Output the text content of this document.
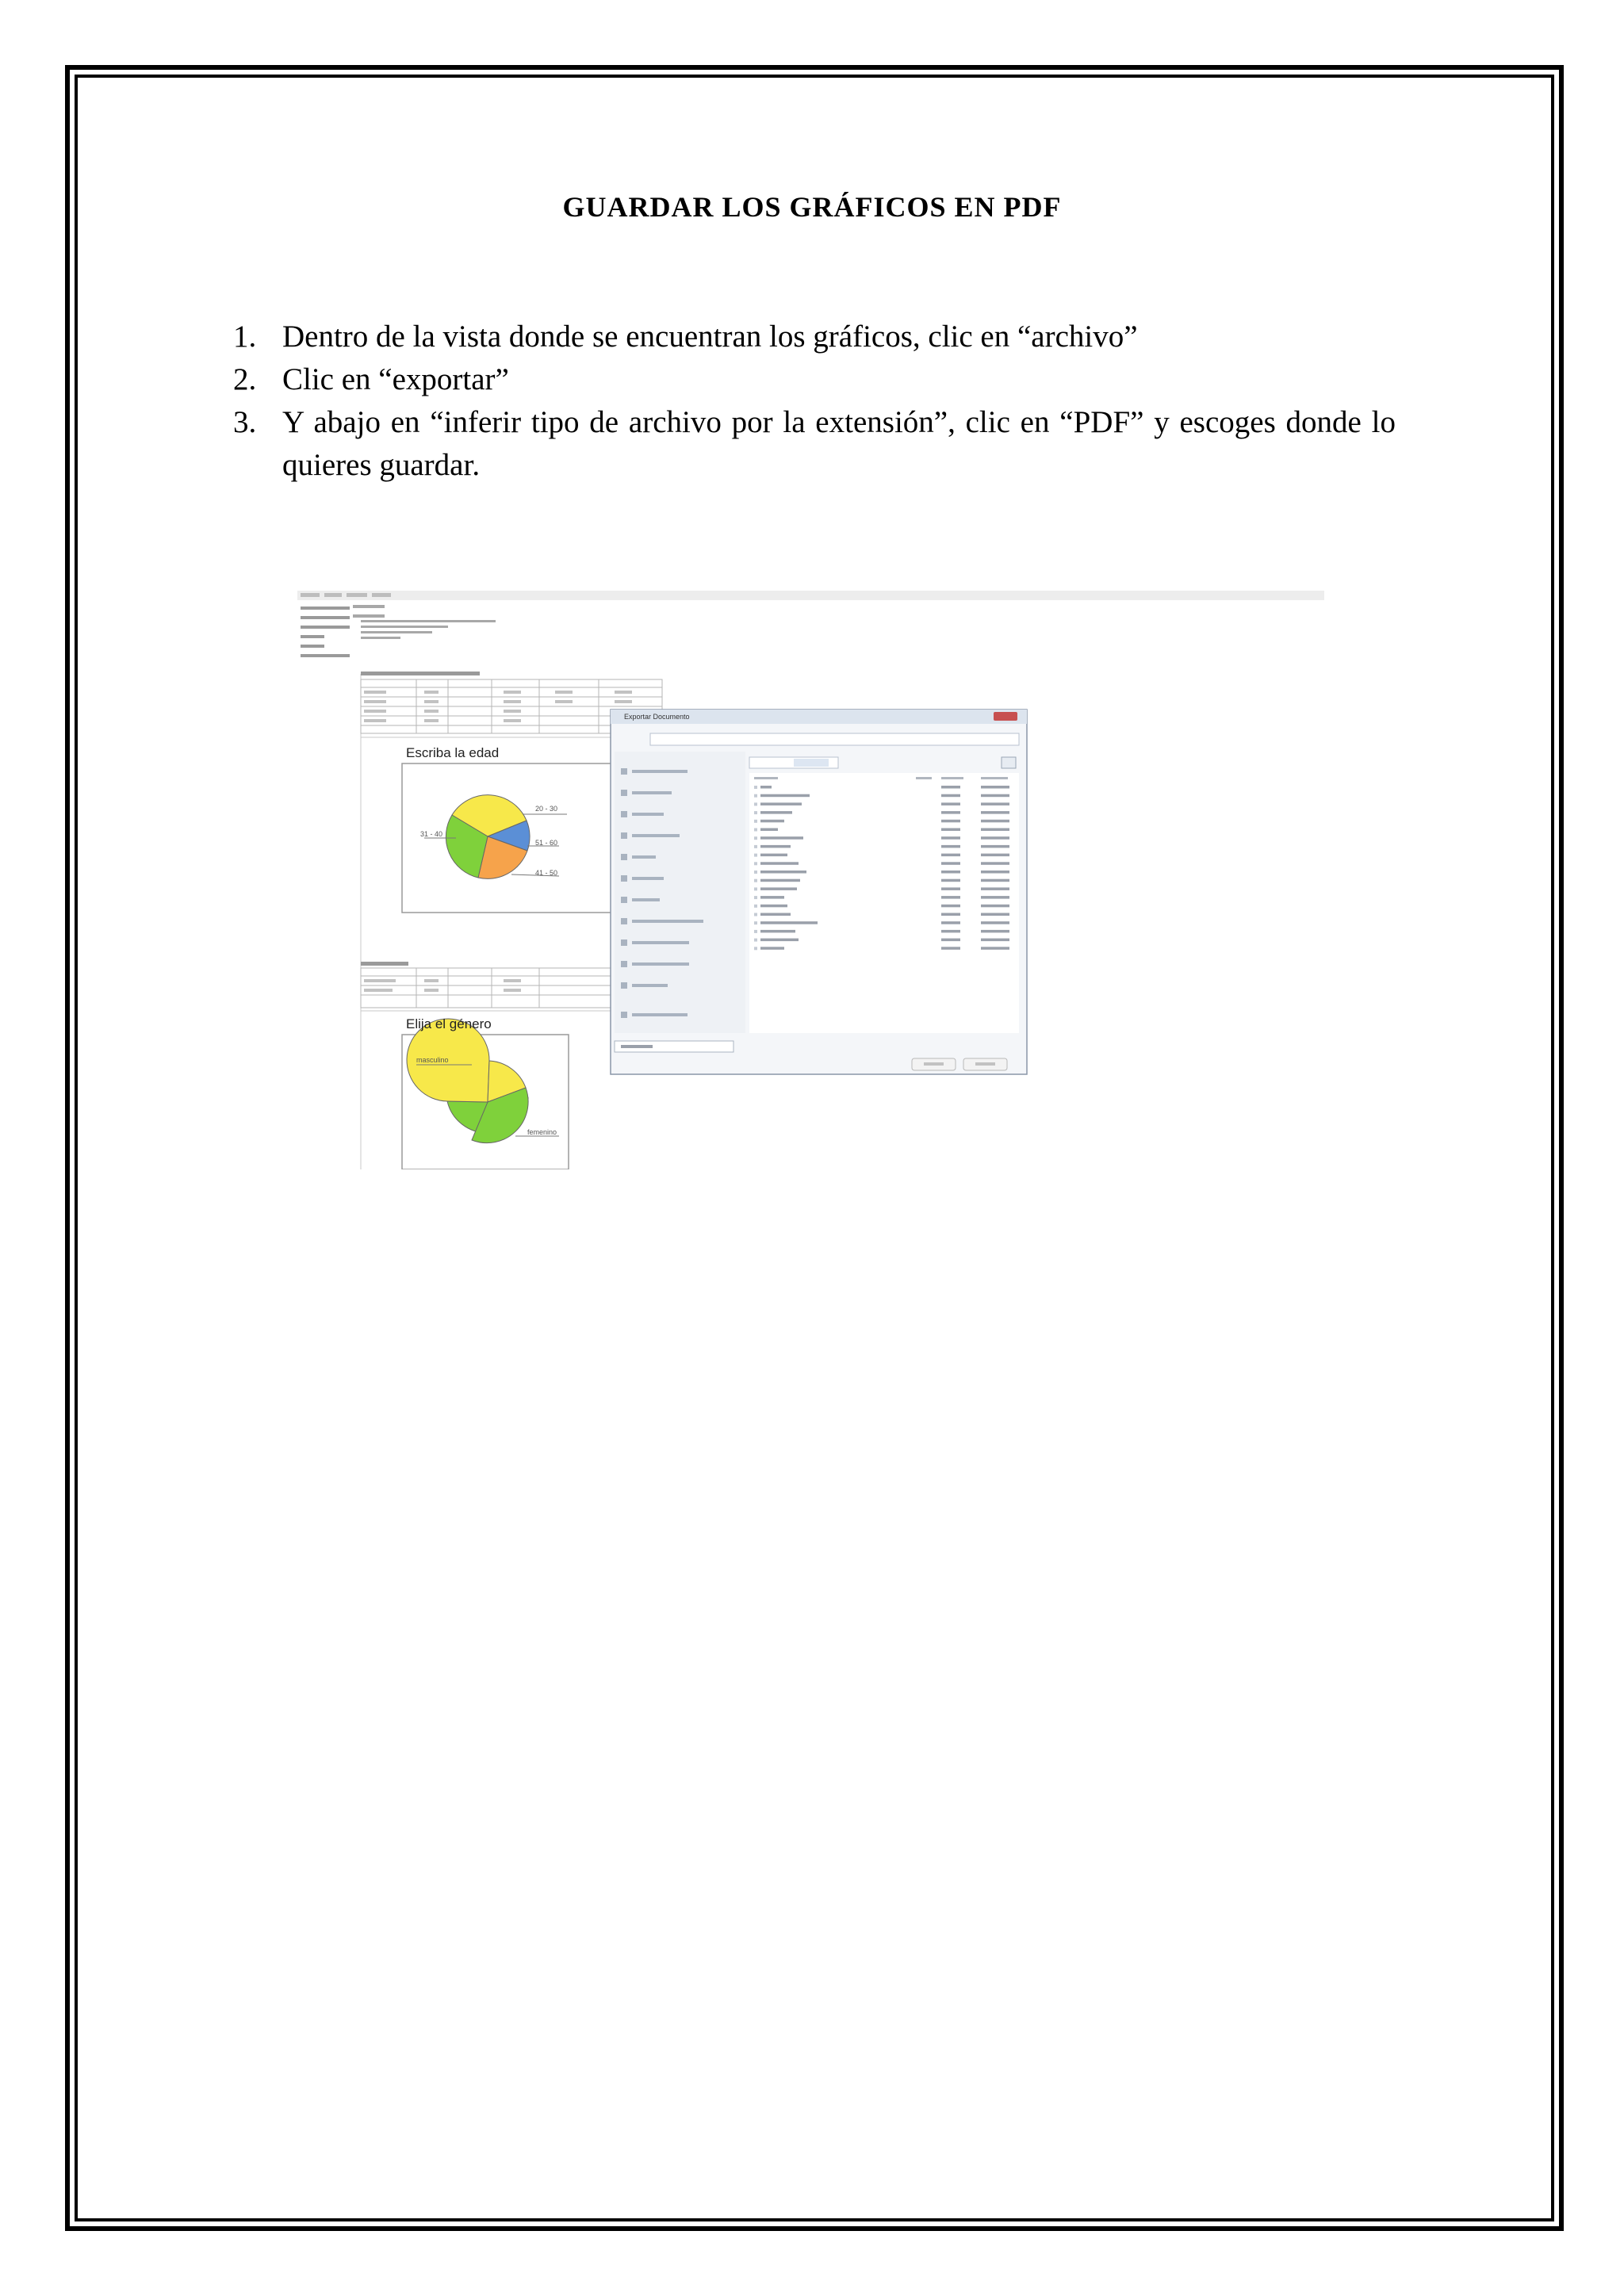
GUARDAR LOS GRÁFICOS EN PDF
1. Dentro de la vista donde se encuentran los gráficos, clic en “archivo”
2. Clic en “exportar”
3. Y abajo en “inferir tipo de archivo por la extensión”, clic en “PDF” y escoges donde lo quieres guardar.
Escriba la edad
20 - 30
51 - 60
41 - 50
31 - 40
Elija el género
masculino
femenino
Exportar Documento
